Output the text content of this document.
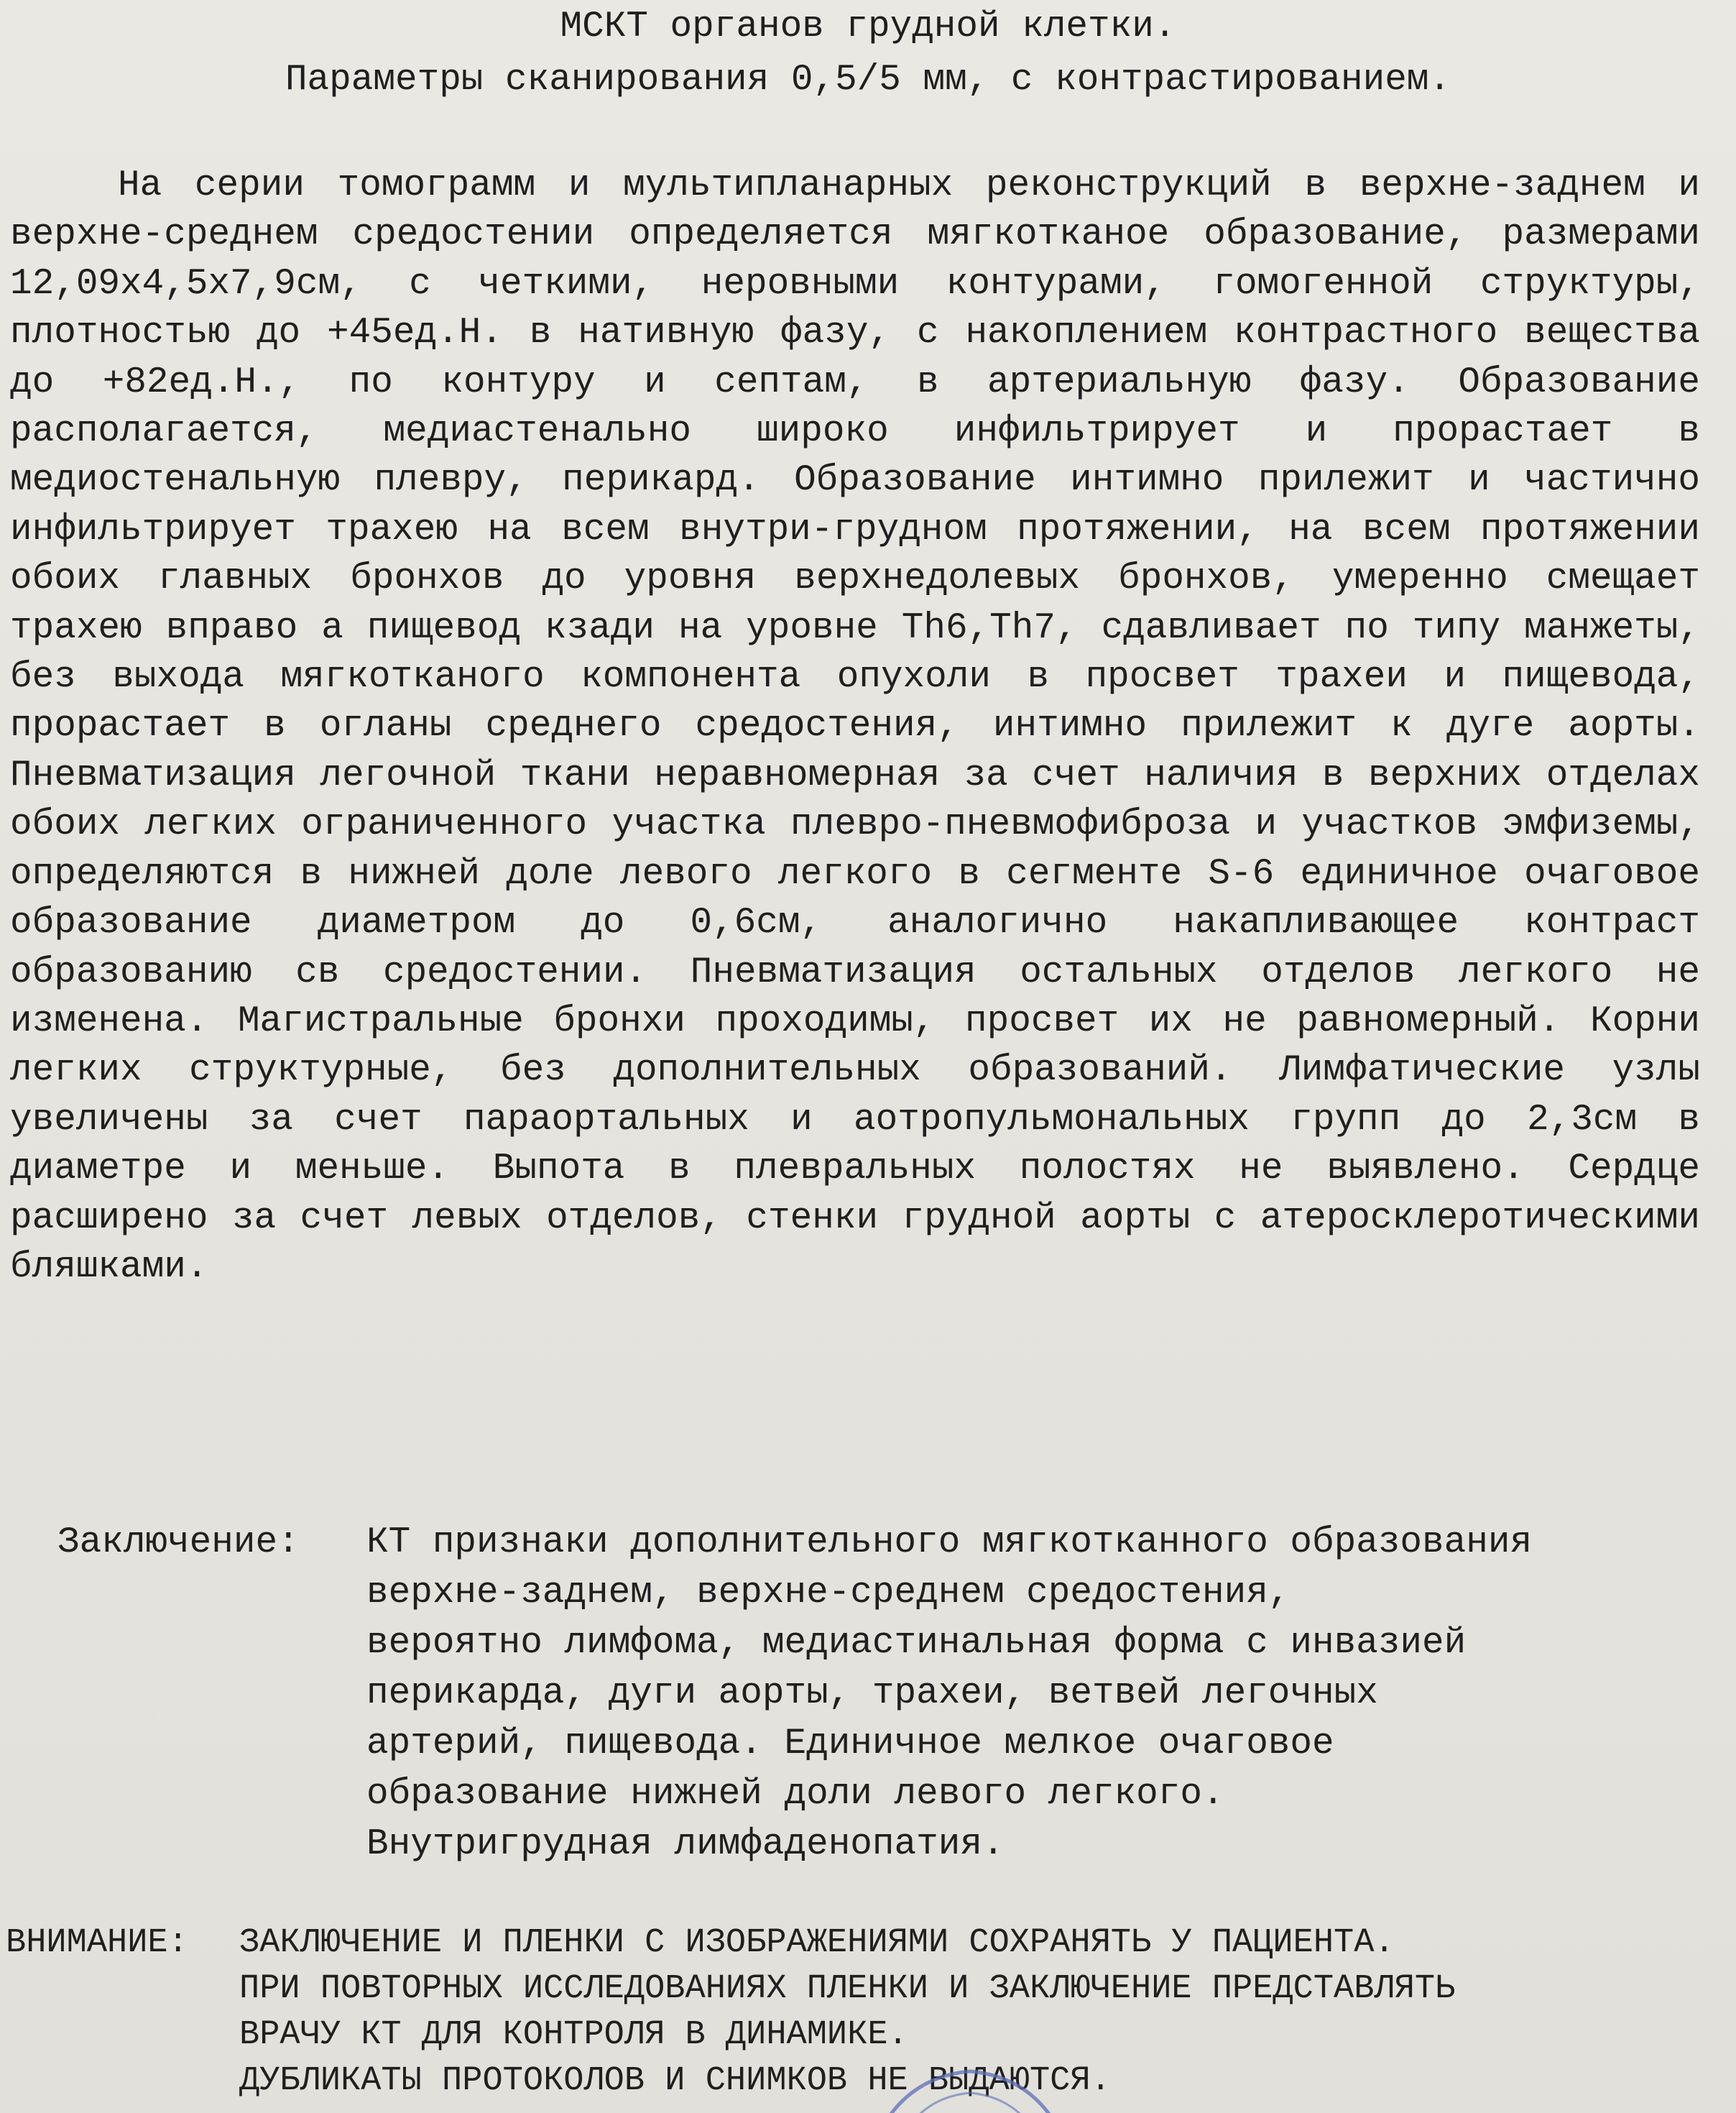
МСКТ органов грудной клетки.
Параметры сканирования 0,5/5 мм, с контрастированием.

На серии томограмм и мультипланарных реконструкций в верхне-заднем и верхне-среднем средостении определяется мягкотканое образование, размерами 12,09х4,5х7,9см, с четкими, неровными контурами, гомогенной структуры, плотностью до +45ед.Н. в нативную фазу, с накоплением контрастного вещества до +82ед.Н., по контуру и септам, в артериальную фазу. Образование располагается, медиастенально широко инфильтрирует и прорастает в медиостенальную плевру, перикард. Образование интимно прилежит и частично инфильтрирует трахею на всем внутри-грудном протяжении, на всем протяжении обоих главных бронхов до уровня верхнедолевых бронхов, умеренно смещает трахею вправо а пищевод кзади на уровне Th6,Th7, сдавливает по типу манжеты, без выхода мягкотканого компонента опухоли в просвет трахеи и пищевода, прорастает в огланы среднего средостения, интимно прилежит к дуге аорты. Пневматизация легочной ткани неравномерная за счет наличия в верхних отделах обоих легких ограниченного участка плевро-пневмофиброза и участков эмфиземы, определяются в нижней доле левого легкого в сегменте S-6 единичное очаговое образование диаметром до 0,6см, аналогично накапливающее контраст образованию св средостении. Пневматизация остальных отделов легкого не изменена. Магистральные бронхи проходимы, просвет их не равномерный. Корни легких структурные, без дополнительных образований. Лимфатические узлы увеличены за счет параортальных и аотропульмональных групп до 2,3см в диаметре и меньше. Выпота в плевральных полостях не выявлено. Сердце расширено за счет левых отделов, стенки грудной аорты с атеросклеротическими бляшками.

Заключение: КТ признаки дополнительного мягкотканного образования
верхне-заднем, верхне-среднем средостения,
вероятно лимфома, медиастинальная форма с инвазией
перикарда, дуги аорты, трахеи, ветвей легочных
артерий, пищевода. Единичное мелкое очаговое
образование нижней доли левого легкого.
Внутригрудная лимфаденопатия.
ВНИМАНИЕ: ЗАКЛЮЧЕНИЕ И ПЛЕНКИ С ИЗОБРАЖЕНИЯМИ СОХРАНЯТЬ У ПАЦИЕНТА.
ПРИ ПОВТОРНЫХ ИССЛЕДОВАНИЯХ ПЛЕНКИ И ЗАКЛЮЧЕНИЕ ПРЕДСТАВЛЯТЬ
ВРАЧУ КТ ДЛЯ КОНТРОЛЯ В ДИНАМИКЕ.
ДУБЛИКАТЫ ПРОТОКОЛОВ И СНИМКОВ НЕ ВЫДАЮТСЯ.
